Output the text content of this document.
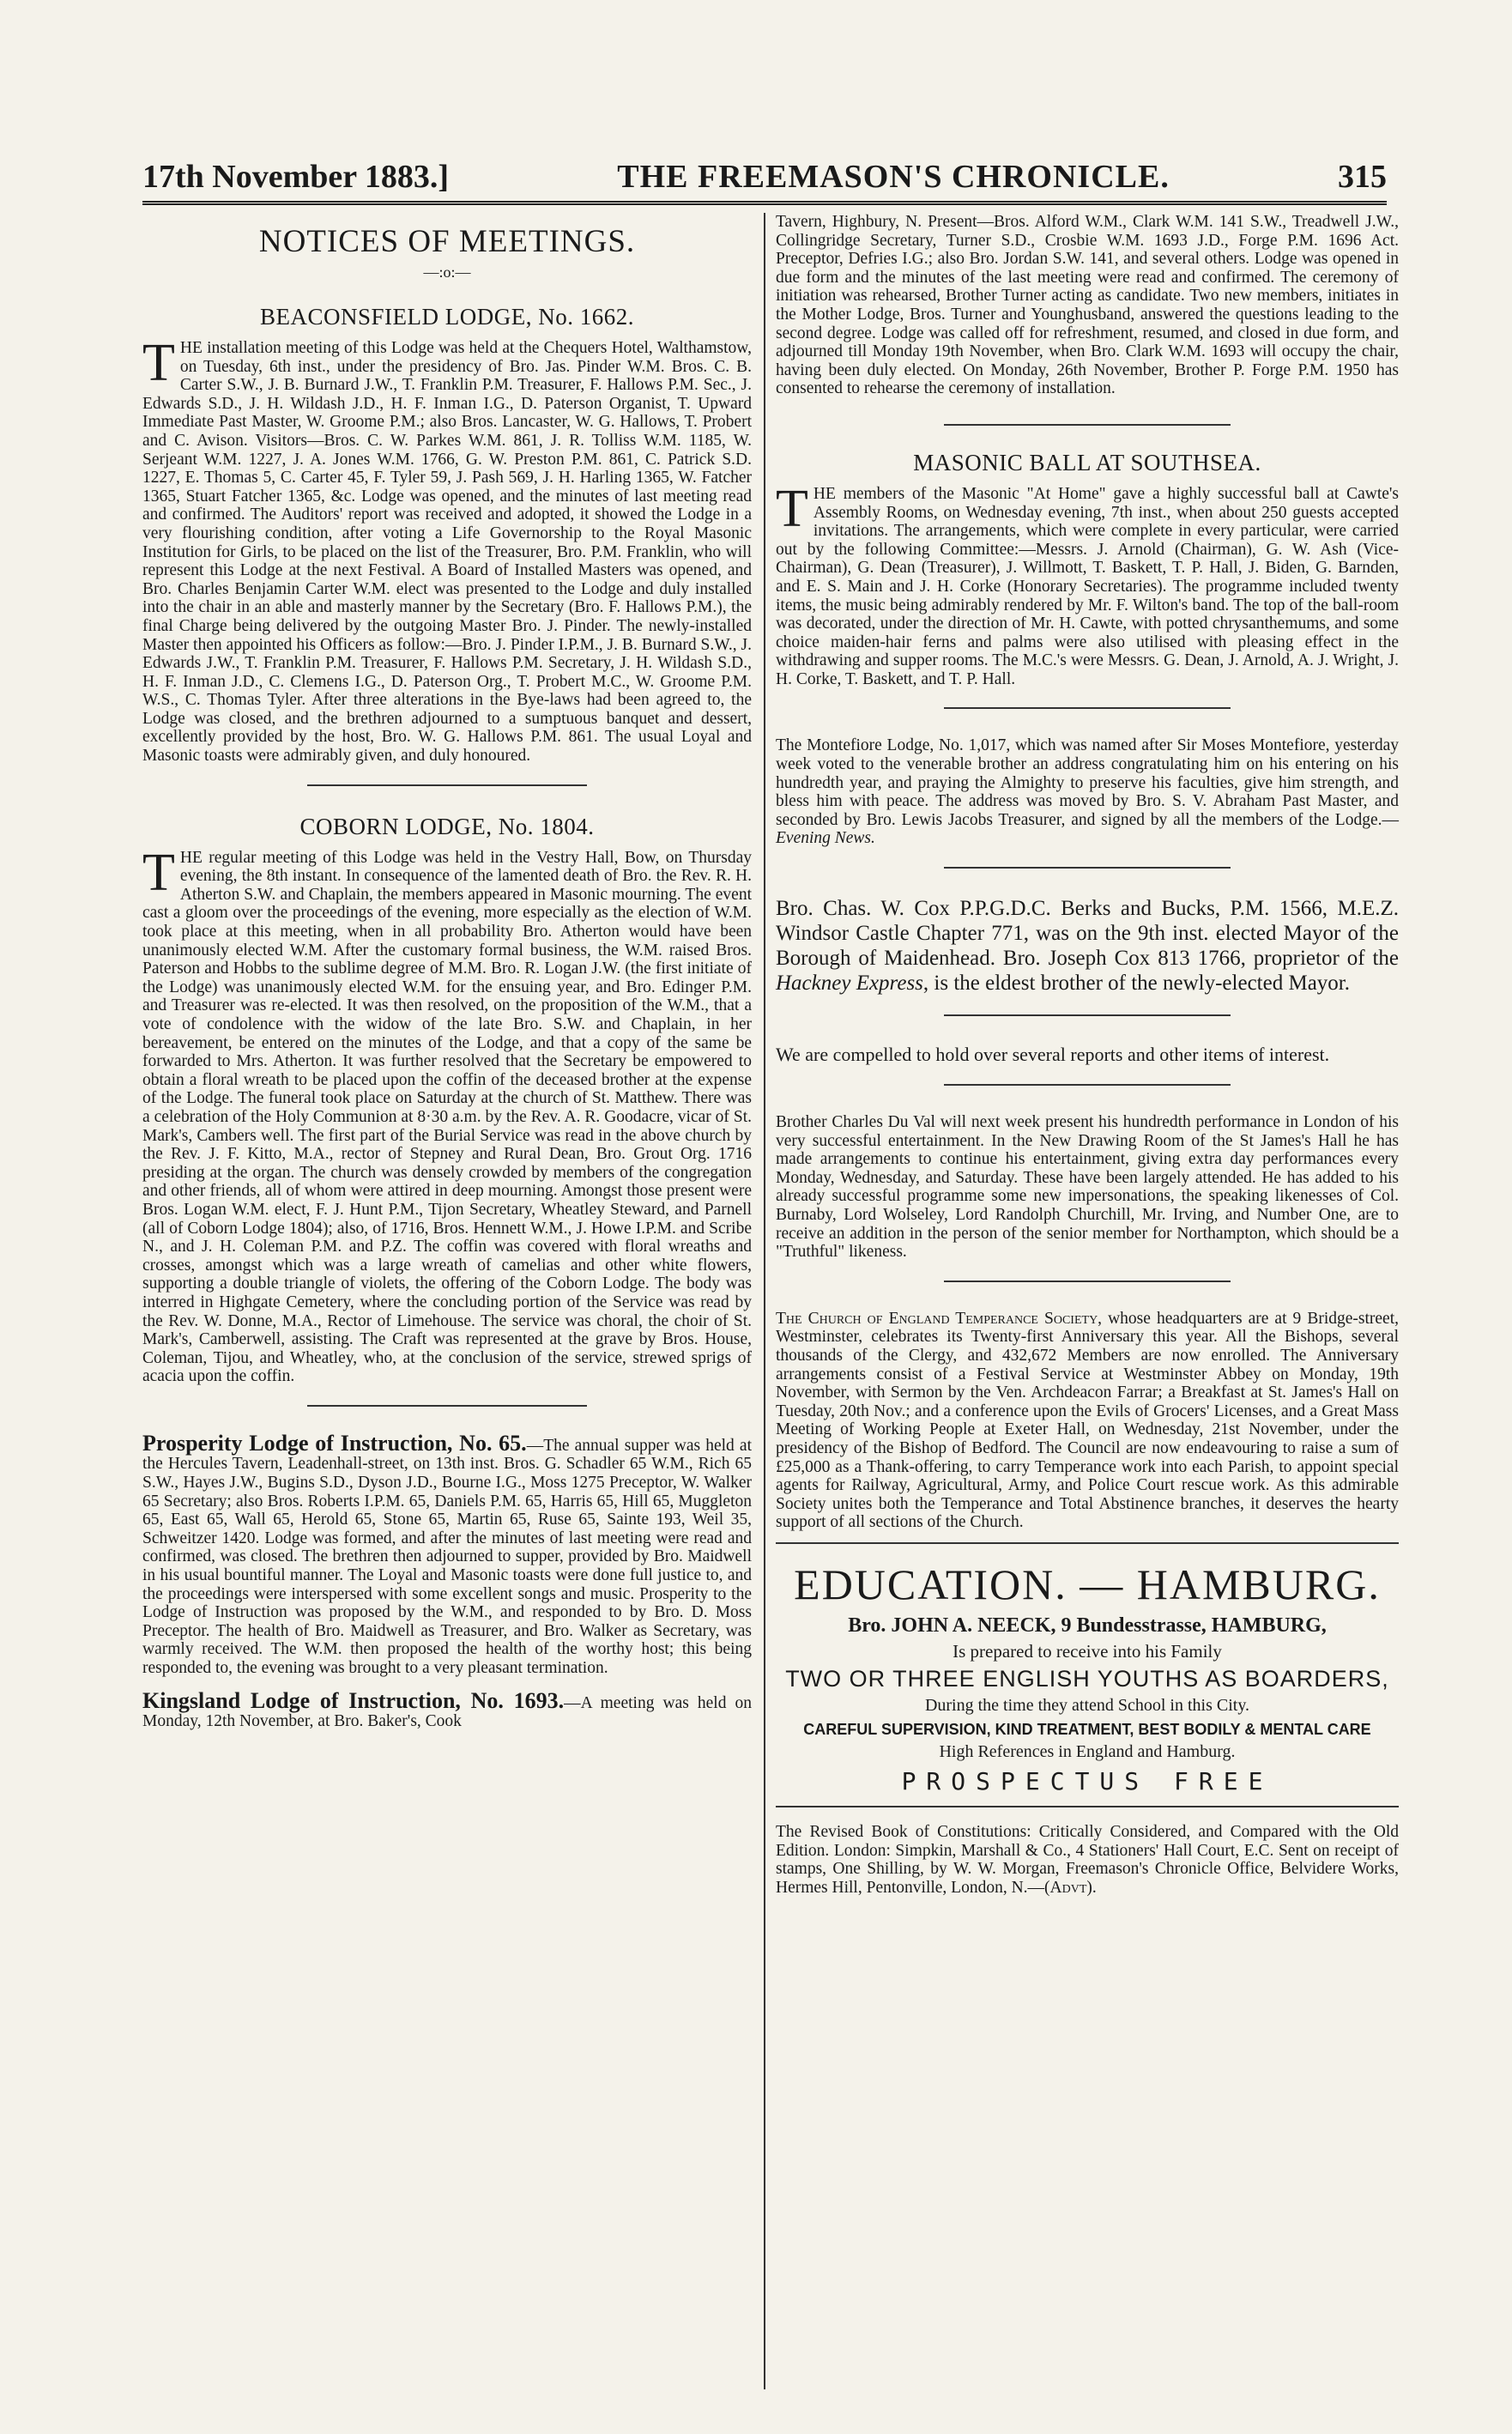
17th November 1883.]	THE FREEMASON'S CHRONICLE.	315
NOTICES OF MEETINGS.
—:o:—
BEACONSFIELD LODGE, No. 1662.

THE installation meeting of this Lodge was held at the Chequers Hotel, Walthamstow, on Tuesday, 6th inst., under the presidency of Bro. Jas. Pinder W.M. Bros. C. B. Carter S.W., J. B. Burnard J.W., T. Franklin P.M. Treasurer, F. Hallows P.M. Sec., J. Edwards S.D., J. H. Wildash J.D., H. F. Inman I.G., D. Paterson Organist, T. Upward Immediate Past Master, W. Groome P.M.; also Bros. Lancaster, W. G. Hallows, T. Probert and C. Avison. Visitors—Bros. C. W. Parkes W.M. 861, J. R. Tolliss W.M. 1185, W. Serjeant W.M. 1227, J. A. Jones W.M. 1766, G. W. Preston P.M. 861, C. Patrick S.D. 1227, E. Thomas 5, C. Carter 45, F. Tyler 59, J. Pash 569, J. H. Harling 1365, W. Fatcher 1365, Stuart Fatcher 1365, &c. Lodge was opened, and the minutes of last meeting read and confirmed. The Auditors' report was received and adopted, it showed the Lodge in a very flourishing condition, after voting a Life Governorship to the Royal Masonic Institution for Girls, to be placed on the list of the Treasurer, Bro. P.M. Franklin, who will represent this Lodge at the next Festival. A Board of Installed Masters was opened, and Bro. Charles Benjamin Carter W.M. elect was presented to the Lodge and duly installed into the chair in an able and masterly manner by the Secretary (Bro. F. Hallows P.M.), the final Charge being delivered by the outgoing Master Bro. J. Pinder. The newly-installed Master then appointed his Officers as follow:—Bro. J. Pinder I.P.M., J. B. Burnard S.W., J. Edwards J.W., T. Franklin P.M. Treasurer, F. Hallows P.M. Secretary, J. H. Wildash S.D., H. F. Inman J.D., C. Clemens I.G., D. Paterson Org., T. Probert M.C., W. Groome P.M. W.S., C. Thomas Tyler. After three alterations in the Bye-laws had been agreed to, the Lodge was closed, and the brethren adjourned to a sumptuous banquet and dessert, excellently provided by the host, Bro. W. G. Hallows P.M. 861. The usual Loyal and Masonic toasts were admirably given, and duly honoured.

COBORN LODGE, No. 1804.

THE regular meeting of this Lodge was held in the Vestry Hall, Bow, on Thursday evening, the 8th instant. In consequence of the lamented death of Bro. the Rev. R. H. Atherton S.W. and Chaplain, the members appeared in Masonic mourning. The event cast a gloom over the proceedings of the evening, more especially as the election of W.M. took place at this meeting, when in all probability Bro. Atherton would have been unanimously elected W.M. After the customary formal business, the W.M. raised Bros. Paterson and Hobbs to the sublime degree of M.M. Bro. R. Logan J.W. (the first initiate of the Lodge) was unanimously elected W.M. for the ensuing year, and Bro. Edinger P.M. and Treasurer was re-elected. It was then resolved, on the proposition of the W.M., that a vote of condolence with the widow of the late Bro. S.W. and Chaplain, in her bereavement, be entered on the minutes of the Lodge, and that a copy of the same be forwarded to Mrs. Atherton. It was further resolved that the Secretary be empowered to obtain a floral wreath to be placed upon the coffin of the deceased brother at the expense of the Lodge. The funeral took place on Saturday at the church of St. Matthew. There was a celebration of the Holy Communion at 8·30 a.m. by the Rev. A. R. Goodacre, vicar of St. Mark's, Cambers well. The first part of the Burial Service was read in the above church by the Rev. J. F. Kitto, M.A., rector of Stepney and Rural Dean, Bro. Grout Org. 1716 presiding at the organ. The church was densely crowded by members of the congregation and other friends, all of whom were attired in deep mourning. Amongst those present were Bros. Logan W.M. elect, F. J. Hunt P.M., Tijon Secretary, Wheatley Steward, and Parnell (all of Coborn Lodge 1804); also, of 1716, Bros. Hennett W.M., J. Howe I.P.M. and Scribe N., and J. H. Coleman P.M. and P.Z. The coffin was covered with floral wreaths and crosses, amongst which was a large wreath of camelias and other white flowers, supporting a double triangle of violets, the offering of the Coborn Lodge. The body was interred in Highgate Cemetery, where the concluding portion of the Service was read by the Rev. W. Donne, M.A., Rector of Limehouse. The service was choral, the choir of St. Mark's, Camberwell, assisting. The Craft was represented at the grave by Bros. House, Coleman, Tijou, and Wheatley, who, at the conclusion of the service, strewed sprigs of acacia upon the coffin.

Prosperity Lodge of Instruction, No. 65.—The annual supper was held at the Hercules Tavern, Leadenhall-street, on 13th inst. Bros. G. Schadler 65 W.M., Rich 65 S.W., Hayes J.W., Bugins S.D., Dyson J.D., Bourne I.G., Moss 1275 Preceptor, W. Walker 65 Secretary; also Bros. Roberts I.P.M. 65, Daniels P.M. 65, Harris 65, Hill 65, Muggleton 65, East 65, Wall 65, Herold 65, Stone 65, Martin 65, Ruse 65, Sainte 193, Weil 35, Schweitzer 1420. Lodge was formed, and after the minutes of last meeting were read and confirmed, was closed. The brethren then adjourned to supper, provided by Bro. Maidwell in his usual bountiful manner. The Loyal and Masonic toasts were done full justice to, and the proceedings were interspersed with some excellent songs and music. Prosperity to the Lodge of Instruction was proposed by the W.M., and responded to by Bro. D. Moss Preceptor. The health of Bro. Maidwell as Treasurer, and Bro. Walker as Secretary, was warmly received. The W.M. then proposed the health of the worthy host; this being responded to, the evening was brought to a very pleasant termination.

Kingsland Lodge of Instruction, No. 1693.—A meeting was held on Monday, 12th November, at Bro. Baker's, Cook

Tavern, Highbury, N. Present—Bros. Alford W.M., Clark W.M. 141 S.W., Treadwell J.W., Collingridge Secretary, Turner S.D., Crosbie W.M. 1693 J.D., Forge P.M. 1696 Act. Preceptor, Defries I.G.; also Bro. Jordan S.W. 141, and several others. Lodge was opened in due form and the minutes of the last meeting were read and confirmed. The ceremony of initiation was rehearsed, Brother Turner acting as candidate. Two new members, initiates in the Mother Lodge, Bros. Turner and Younghusband, answered the questions leading to the second degree. Lodge was called off for refreshment, resumed, and closed in due form, and adjourned till Monday 19th November, when Bro. Clark W.M. 1693 will occupy the chair, having been duly elected. On Monday, 26th November, Brother P. Forge P.M. 1950 has consented to rehearse the ceremony of installation.

MASONIC BALL AT SOUTHSEA.

THE members of the Masonic "At Home" gave a highly successful ball at Cawte's Assembly Rooms, on Wednesday evening, 7th inst., when about 250 guests accepted invitations. The arrangements, which were complete in every particular, were carried out by the following Committee:—Messrs. J. Arnold (Chairman), G. W. Ash (Vice-Chairman), G. Dean (Treasurer), J. Willmott, T. Baskett, T. P. Hall, J. Biden, G. Barnden, and E. S. Main and J. H. Corke (Honorary Secretaries). The programme included twenty items, the music being admirably rendered by Mr. F. Wilton's band. The top of the ball-room was decorated, under the direction of Mr. H. Cawte, with potted chrysanthemums, and some choice maiden-hair ferns and palms were also utilised with pleasing effect in the withdrawing and supper rooms. The M.C.'s were Messrs. G. Dean, J. Arnold, A. J. Wright, J. H. Corke, T. Baskett, and T. P. Hall.

The Montefiore Lodge, No. 1,017, which was named after Sir Moses Montefiore, yesterday week voted to the venerable brother an address congratulating him on his entering on his hundredth year, and praying the Almighty to preserve his faculties, give him strength, and bless him with peace. The address was moved by Bro. S. V. Abraham Past Master, and seconded by Bro. Lewis Jacobs Treasurer, and signed by all the members of the Lodge.—Evening News.

Bro. Chas. W. Cox P.P.G.D.C. Berks and Bucks, P.M. 1566, M.E.Z. Windsor Castle Chapter 771, was on the 9th inst. elected Mayor of the Borough of Maidenhead. Bro. Joseph Cox 813 1766, proprietor of the Hackney Express, is the eldest brother of the newly-elected Mayor.

We are compelled to hold over several reports and other items of interest.

Brother Charles Du Val will next week present his hundredth performance in London of his very successful entertainment. In the New Drawing Room of the St James's Hall he has made arrangements to continue his entertainment, giving extra day performances every Monday, Wednesday, and Saturday. These have been largely attended. He has added to his already successful programme some new impersonations, the speaking likenesses of Col. Burnaby, Lord Wolseley, Lord Randolph Churchill, Mr. Irving, and Number One, are to receive an addition in the person of the senior member for Northampton, which should be a "Truthful" likeness.

The Church of England Temperance Society, whose headquarters are at 9 Bridge-street, Westminster, celebrates its Twenty-first Anniversary this year. All the Bishops, several thousands of the Clergy, and 432,672 Members are now enrolled. The Anniversary arrangements consist of a Festival Service at Westminster Abbey on Monday, 19th November, with Sermon by the Ven. Archdeacon Farrar; a Breakfast at St. James's Hall on Tuesday, 20th Nov.; and a conference upon the Evils of Grocers' Licenses, and a Great Mass Meeting of Working People at Exeter Hall, on Wednesday, 21st November, under the presidency of the Bishop of Bedford. The Council are now endeavouring to raise a sum of £25,000 as a Thank-offering, to carry Temperance work into each Parish, to appoint special agents for Railway, Agricultural, Army, and Police Court rescue work. As this admirable Society unites both the Temperance and Total Abstinence branches, it deserves the hearty support of all sections of the Church.

EDUCATION. — HAMBURG.
Bro. JOHN A. NEECK, 9 Bundesstrasse, HAMBURG,
Is prepared to receive into his Family
TWO OR THREE ENGLISH YOUTHS AS BOARDERS,
During the time they attend School in this City.
CAREFUL SUPERVISION, KIND TREATMENT, BEST BODILY & MENTAL CARE
High References in England and Hamburg.
PROSPECTUS FREE

The Revised Book of Constitutions: Critically Considered, and Compared with the Old Edition. London: Simpkin, Marshall & Co., 4 Stationers' Hall Court, E.C. Sent on receipt of stamps, One Shilling, by W. W. Morgan, Freemason's Chronicle Office, Belvidere Works, Hermes Hill, Pentonville, London, N.—(Advt).
